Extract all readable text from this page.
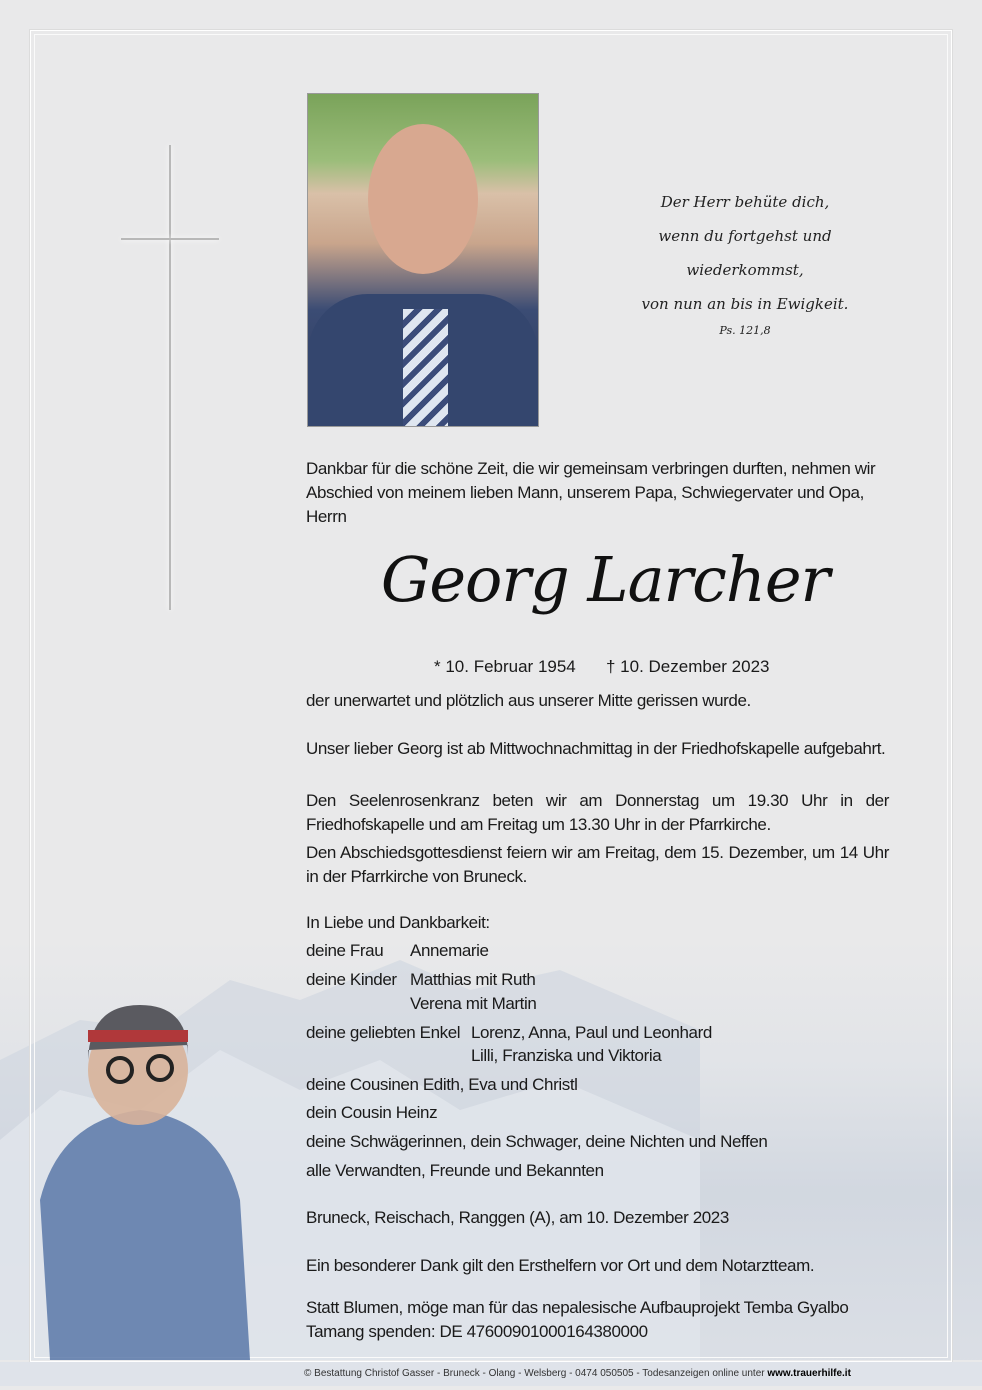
Der Herr behüte dich,
wenn du fortgehst und wiederkommst,
von nun an bis in Ewigkeit.
Ps. 121,8
Dankbar für die schöne Zeit, die wir gemeinsam verbringen durften, nehmen wir Abschied von meinem lieben Mann, unserem Papa, Schwiegervater und Opa, Herrn
Georg Larcher
* 10. Februar 1954 † 10. Dezember 2023
der unerwartet und plötzlich aus unserer Mitte gerissen wurde.
Unser lieber Georg ist ab Mittwochnachmittag in der Friedhofskapelle aufgebahrt.
Den Seelenrosenkranz beten wir am Donnerstag um 19.30 Uhr in der Friedhofskapelle und am Freitag um 13.30 Uhr in der Pfarrkirche.
Den Abschiedsgottesdienst feiern wir am Freitag, dem 15. Dezember, um 14 Uhr in der Pfarrkirche von Bruneck.
In Liebe und Dankbarkeit:
deine Frau Annemarie
deine Kinder Matthias mit Ruth
Verena mit Martin
deine geliebten Enkel Lorenz, Anna, Paul und Leonhard
Lilli, Franziska und Viktoria
deine Cousinen Edith, Eva und Christl
dein Cousin Heinz
deine Schwägerinnen, dein Schwager, deine Nichten und Neffen
alle Verwandten, Freunde und Bekannten
Bruneck, Reischach, Ranggen (A), am 10. Dezember 2023
Ein besonderer Dank gilt den Ersthelfern vor Ort und dem Notarztteam.
Statt Blumen, möge man für das nepalesische Aufbauprojekt Temba Gyalbo Tamang spenden: DE 47600901000164380000
© Bestattung Christof Gasser - Bruneck - Olang - Welsberg - 0474 050505 - Todesanzeigen online unter www.trauerhilfe.it
